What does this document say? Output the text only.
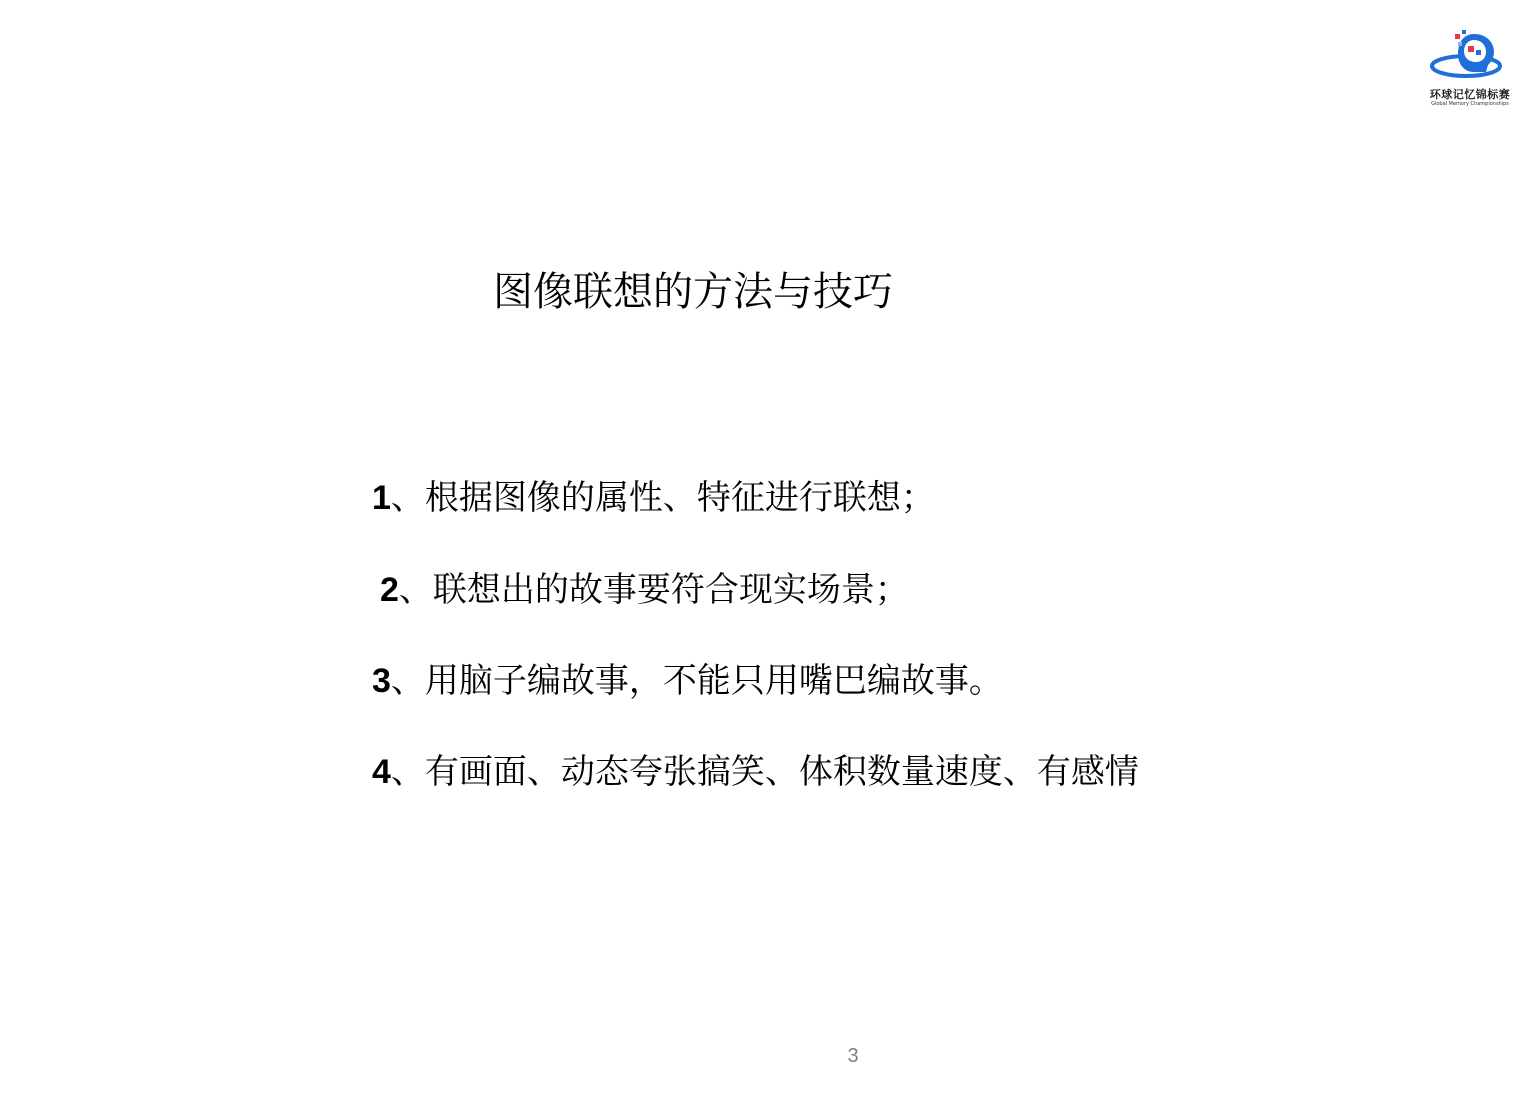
环球记忆锦标赛
Global Memory Championships
图像联想的方法与技巧
1、根据图像的属性、特征进行联想；
2、联想出的故事要符合现实场景；
3、用脑子编故事，不能只用嘴巴编故事。
4、有画面、动态夸张搞笑、体积数量速度、有感情
3
